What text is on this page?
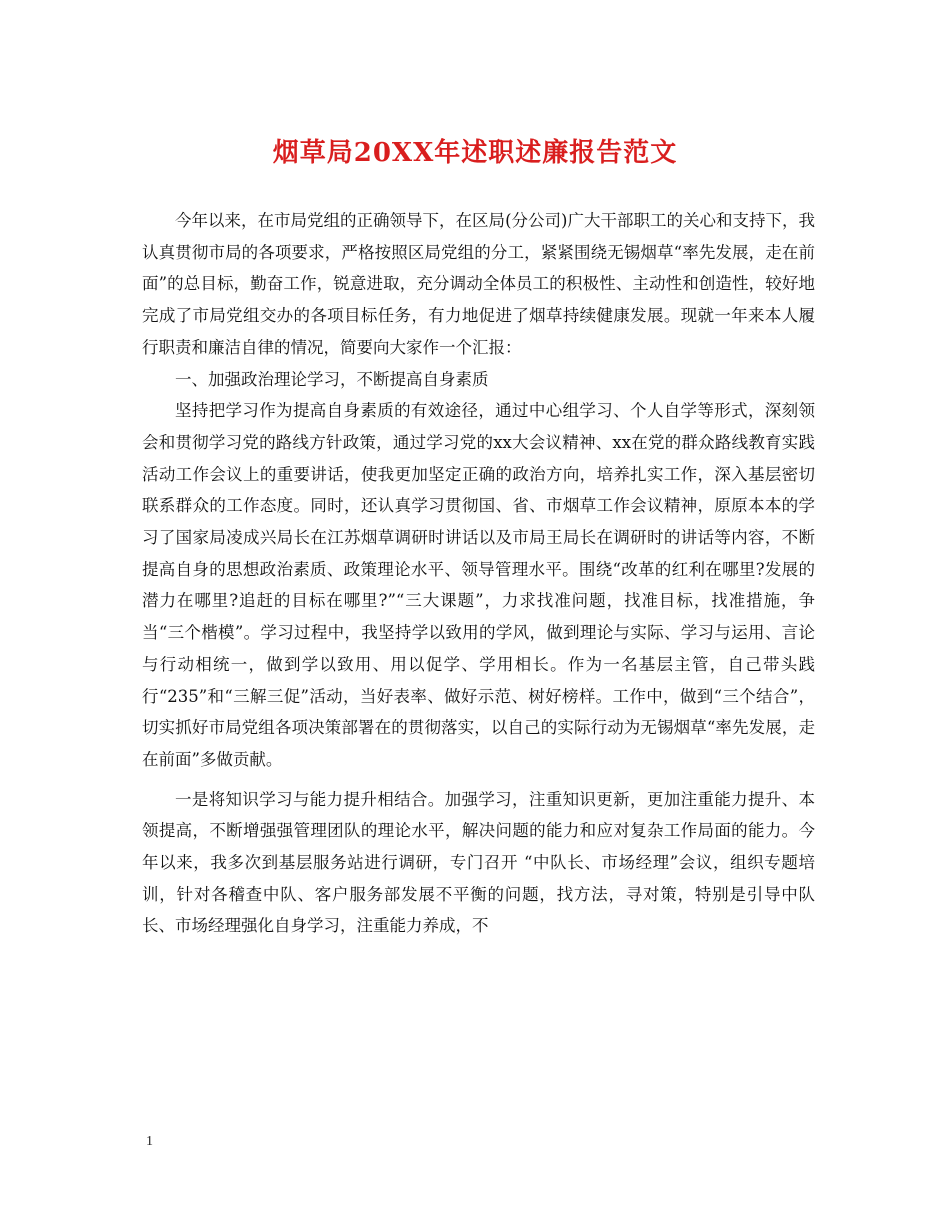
烟草局20XX年述职述廉报告范文

今年以来，在市局党组的正确领导下，在区局(分公司)广大干部职工的关心和支持下，我认真贯彻市局的各项要求，严格按照区局党组的分工，紧紧围绕无锡烟草“率先发展，走在前面”的总目标，勤奋工作，锐意进取，充分调动全体员工的积极性、主动性和创造性，较好地完成了市局党组交办的各项目标任务，有力地促进了烟草持续健康发展。现就一年来本人履行职责和廉洁自律的情况，简要向大家作一个汇报：

一、加强政治理论学习，不断提高自身素质

坚持把学习作为提高自身素质的有效途径，通过中心组学习、个人自学等形式，深刻领会和贯彻学习党的路线方针政策，通过学习党的xx大会议精神、xx在党的群众路线教育实践活动工作会议上的重要讲话，使我更加坚定正确的政治方向，培养扎实工作，深入基层密切联系群众的工作态度。同时，还认真学习贯彻国、省、市烟草工作会议精神，原原本本的学习了国家局凌成兴局长在江苏烟草调研时讲话以及市局王局长在调研时的讲话等内容，不断提高自身的思想政治素质、政策理论水平、领导管理水平。围绕“改革的红利在哪里?发展的潜力在哪里?追赶的目标在哪里?”“三大课题”，力求找准问题，找准目标，找准措施，争当“三个楷模”。学习过程中，我坚持学以致用的学风，做到理论与实际、学习与运用、言论与行动相统一，做到学以致用、用以促学、学用相长。作为一名基层主管，自己带头践行“235”和“三解三促”活动，当好表率、做好示范、树好榜样。工作中，做到“三个结合”，切实抓好市局党组各项决策部署在的贯彻落实，以自己的实际行动为无锡烟草“率先发展，走在前面”多做贡献。

一是将知识学习与能力提升相结合。加强学习，注重知识更新，更加注重能力提升、本领提高，不断增强强管理团队的理论水平，解决问题的能力和应对复杂工作局面的能力。今年以来，我多次到基层服务站进行调研，专门召开 “中队长、市场经理”会议，组织专题培训，针对各稽查中队、客户服务部发展不平衡的问题，找方法，寻对策，特别是引导中队长、市场经理强化自身学习，注重能力养成，不

1
